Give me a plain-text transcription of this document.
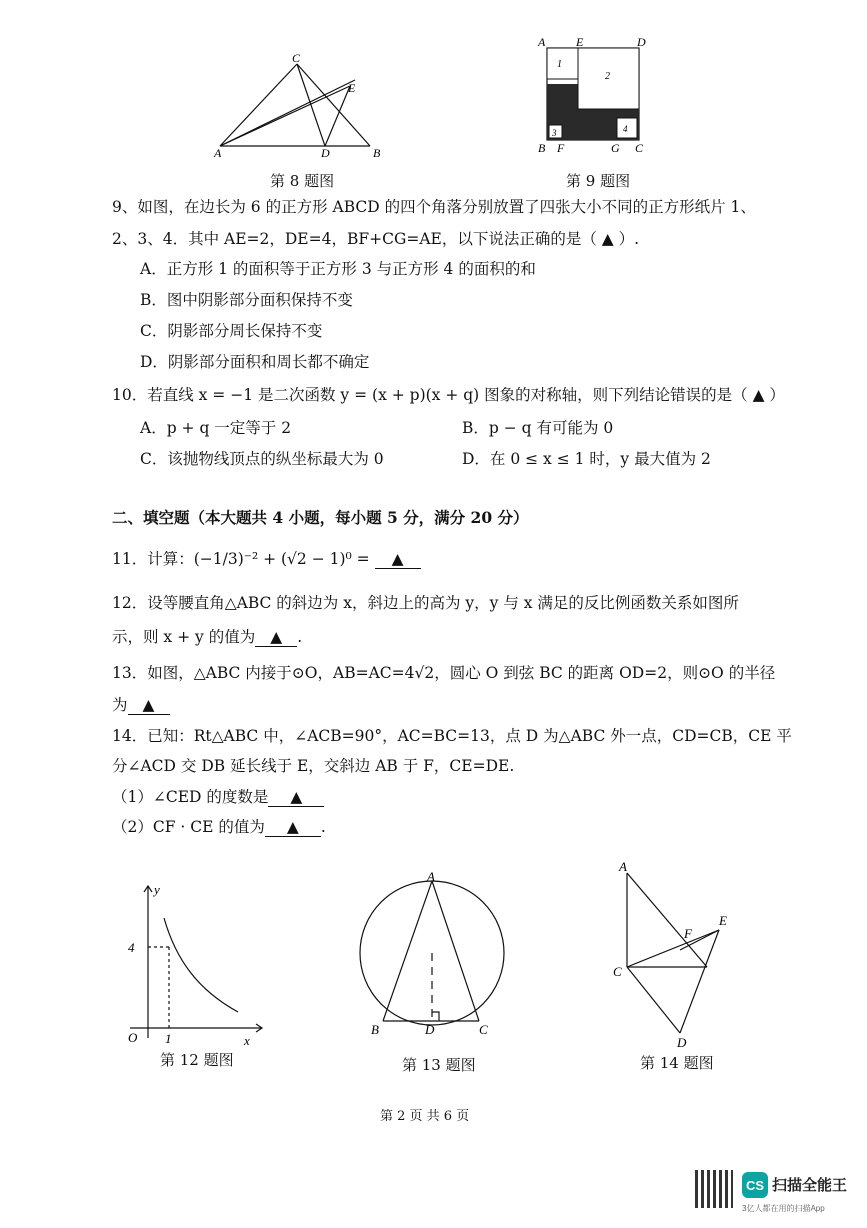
A	B
C
D
E
第 8 题图
1
2
3	4
A	E	D
B F	G C
第 9 题图
9、如图，在边长为 6 的正方形 ABCD 的四个角落分别放置了四张大小不同的正方形纸片 1、
2、3、4．其中 AE=2，DE=4，BF+CG=AE，以下说法正确的是（ ▲ ）.
A．正方形 1 的面积等于正方形 3 与正方形 4 的面积的和
B．图中阴影部分面积保持不变
C．阴影部分周长保持不变
D．阴影部分面积和周长都不确定
10．若直线 x = −1 是二次函数 y = (x + p)(x + q) 图象的对称轴，则下列结论错误的是（ ▲ ）
A．p + q 一定等于 2	B．p − q 有可能为 0
C．该抛物线顶点的纵坐标最大为 0	D．在 0 ≤ x ≤ 1 时，y 最大值为 2
二、填空题（本大题共 4 小题，每小题 5 分，满分 20 分）
11．计算：(−1/3)⁻² + (√2 − 1)⁰ = ▲
12．设等腰直角△ABC 的斜边为 x，斜边上的高为 y，y 与 x 满足的反比例函数关系如图所
示，则 x + y 的值为 ▲ .
13．如图，△ABC 内接于⊙O，AB=AC=4√2，圆心 O 到弦 BC 的距离 OD=2，则⊙O 的半径
为 ▲
14．已知：Rt△ABC 中，∠ACB=90°，AC=BC=13，点 D 为△ABC 外一点，CD=CB，CE 平
分∠ACD 交 DB 延长线于 E，交斜边 AB 于 F，CE=DE.
（1）∠CED 的度数是 ▲
（2）CF · CE 的值为 ▲ .
y
x
O
4
1
第 12 题图
A
B	C
D
第 13 题图
A
C
D
E
F
第 14 题图
第 2 页 共 6 页
CS 扫描全能王
3亿人都在用的扫描App
